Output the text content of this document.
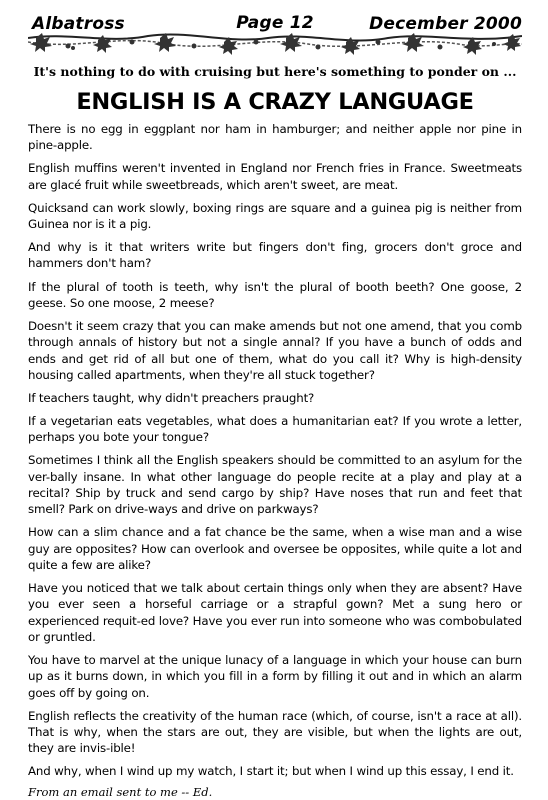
Albatross	Page 12	December 2000
It's nothing to do with cruising but here's something to ponder on ...
ENGLISH IS A CRAZY LANGUAGE

There is no egg in eggplant nor ham in hamburger; and neither apple nor pine in pine-apple.

English muffins weren't invented in England nor French fries in France. Sweetmeats are glacé fruit while sweetbreads, which aren't sweet, are meat.

Quicksand can work slowly, boxing rings are square and a guinea pig is neither from Guinea nor is it a pig.

And why is it that writers write but fingers don't fing, grocers don't groce and hammers don't ham?

If the plural of tooth is teeth, why isn't the plural of booth beeth? One goose, 2 geese. So one moose, 2 meese?

Doesn't it seem crazy that you can make amends but not one amend, that you comb through annals of history but not a single annal? If you have a bunch of odds and ends and get rid of all but one of them, what do you call it? Why is high-density housing called apartments, when they're all stuck together?

If teachers taught, why didn't preachers praught?

If a vegetarian eats vegetables, what does a humanitarian eat? If you wrote a letter, perhaps you bote your tongue?

Sometimes I think all the English speakers should be committed to an asylum for the ver-bally insane. In what other language do people recite at a play and play at a recital? Ship by truck and send cargo by ship? Have noses that run and feet that smell? Park on drive-ways and drive on parkways?

How can a slim chance and a fat chance be the same, when a wise man and a wise guy are opposites? How can overlook and oversee be opposites, while quite a lot and quite a few are alike?

Have you noticed that we talk about certain things only when they are absent? Have you ever seen a horseful carriage or a strapful gown? Met a sung hero or experienced requit-ed love? Have you ever run into someone who was combobulated or gruntled.

You have to marvel at the unique lunacy of a language in which your house can burn up as it burns down, in which you fill in a form by filling it out and in which an alarm goes off by going on.

English reflects the creativity of the human race (which, of course, isn't a race at all). That is why, when the stars are out, they are visible, but when the lights are out, they are invis-ible!

And why, when I wind up my watch, I start it; but when I wind up this essay, I end it.

From an email sent to me -- Ed.
